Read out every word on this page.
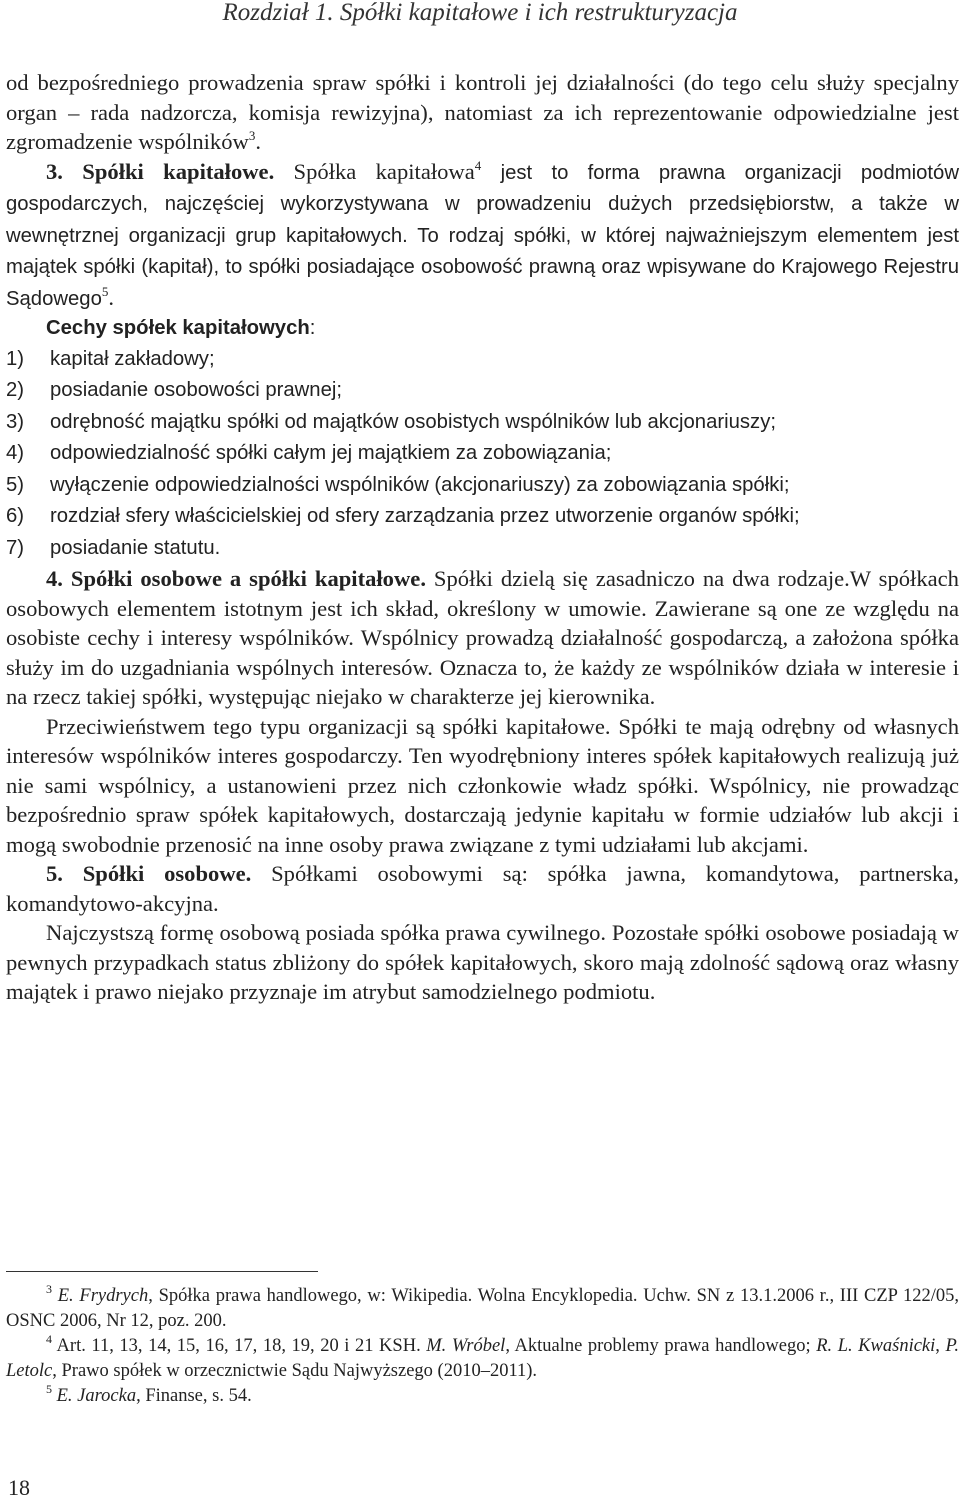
Rozdział 1. Spółki kapitałowe i ich restrukturyzacja

od bezpośredniego prowadzenia spraw spółki i kontroli jej działalności (do tego celu służy specjalny organ – rada nadzorcza, komisja rewizyjna), natomiast za ich reprezentowanie odpowiedzialne jest zgromadzenie wspólników$^3$.

3. Spółki kapitałowe. Spółka kapitałowa$^4$ jest to forma prawna organizacji podmiotów gospodarczych, najczęściej wykorzystywana w prowadzeniu dużych przedsiębiorstw, a także w wewnętrznej organizacji grup kapitałowych. To rodzaj spółki, w której najważniejszym elementem jest majątek spółki (kapitał), to spółki posiadające osobowość prawną oraz wpisywane do Krajowego Rejestru Sądowego$^5$.

Cechy spółek kapitałowych:

1)	kapitał zakładowy;
2)	posiadanie osobowości prawnej;
3)	odrębność majątku spółki od majątków osobistych wspólników lub akcjonariuszy;
4)	odpowiedzialność spółki całym jej majątkiem za zobowiązania;
5)	wyłączenie odpowiedzialności wspólników (akcjonariuszy) za zobowiązania spółki;
6)	rozdział sfery właścicielskiej od sfery zarządzania przez utworzenie organów spółki;
7)	posiadanie statutu.

4. Spółki osobowe a spółki kapitałowe. Spółki dzielą się zasadniczo na dwa rodzaje.W spółkach osobowych elementem istotnym jest ich skład, określony w umowie. Zawierane są one ze względu na osobiste cechy i interesy wspólników. Wspólnicy prowadzą działalność gospodarczą, a założona spółka służy im do uzgadniania wspólnych interesów. Oznacza to, że każdy ze wspólników działa w interesie i na rzecz takiej spółki, występując niejako w charakterze jej kierownika.

Przeciwieństwem tego typu organizacji są spółki kapitałowe. Spółki te mają odrębny od własnych interesów wspólników interes gospodarczy. Ten wyodrębniony interes spółek kapitałowych realizują już nie sami wspólnicy, a ustanowieni przez nich członkowie władz spółki. Wspólnicy, nie prowadząc bezpośrednio spraw spółek kapitałowych, dostarczają jedynie kapitału w formie udziałów lub akcji i mogą swobodnie przenosić na inne osoby prawa związane z tymi udziałami lub akcjami.

5. Spółki osobowe. Spółkami osobowymi są: spółka jawna, komandytowa, partnerska, komandytowo-akcyjna.

Najczystszą formę osobową posiada spółka prawa cywilnego. Pozostałe spółki osobowe posiadają w pewnych przypadkach status zbliżony do spółek kapitałowych, skoro mają zdolność sądową oraz własny majątek i prawo niejako przyznaje im atrybut samodzielnego podmiotu.

$^3$ E. Frydrych, Spółka prawa handlowego, w: Wikipedia. Wolna Encyklopedia. Uchw. SN z 13.1.2006 r., III CZP 122/05, OSNC 2006, Nr 12, poz. 200.

$^4$ Art. 11, 13, 14, 15, 16, 17, 18, 19, 20 i 21 KSH. M. Wróbel, Aktualne problemy prawa handlowego; R. L. Kwaśnicki, P. Letolc, Prawo spółek w orzecznictwie Sądu Najwyższego (2010–2011).

$^5$ E. Jarocka, Finanse, s. 54.

18
